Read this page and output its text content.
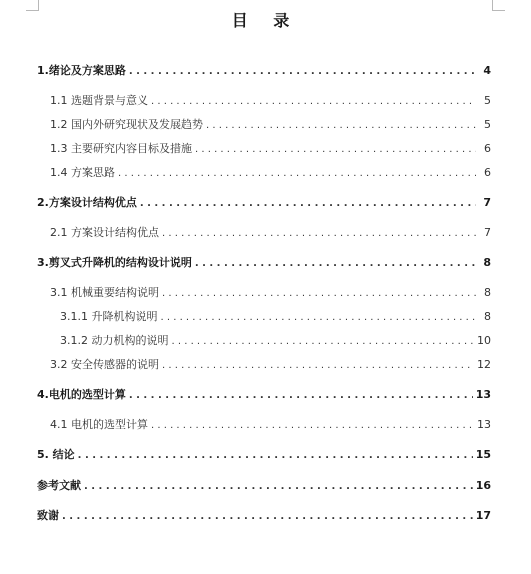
目 录
1.绪论及方案思路 . . .	4
1.1 选题背景与意义 . . .	5
1.2 国内外研究现状及发展趋势 . . .	5
1.3 主要研究内容目标及措施 . . .	6
1.4 方案思路 . . .	6
2.方案设计结构优点 . . .	7
2.1 方案设计结构优点 . . .	7
3.剪叉式升降机的结构设计说明 . . .	8
3.1 机械重要结构说明 . . .	8
3.1.1 升降机构说明 . . .	8
3.1.2 动力机构的说明 . . .	10
3.2 安全传感器的说明 . . .	12
4.电机的选型计算 . . .	13
4.1 电机的选型计算 . . .	13
5. 结论 . . .	15
参考文献 . . .	16
致谢 . . .	17
